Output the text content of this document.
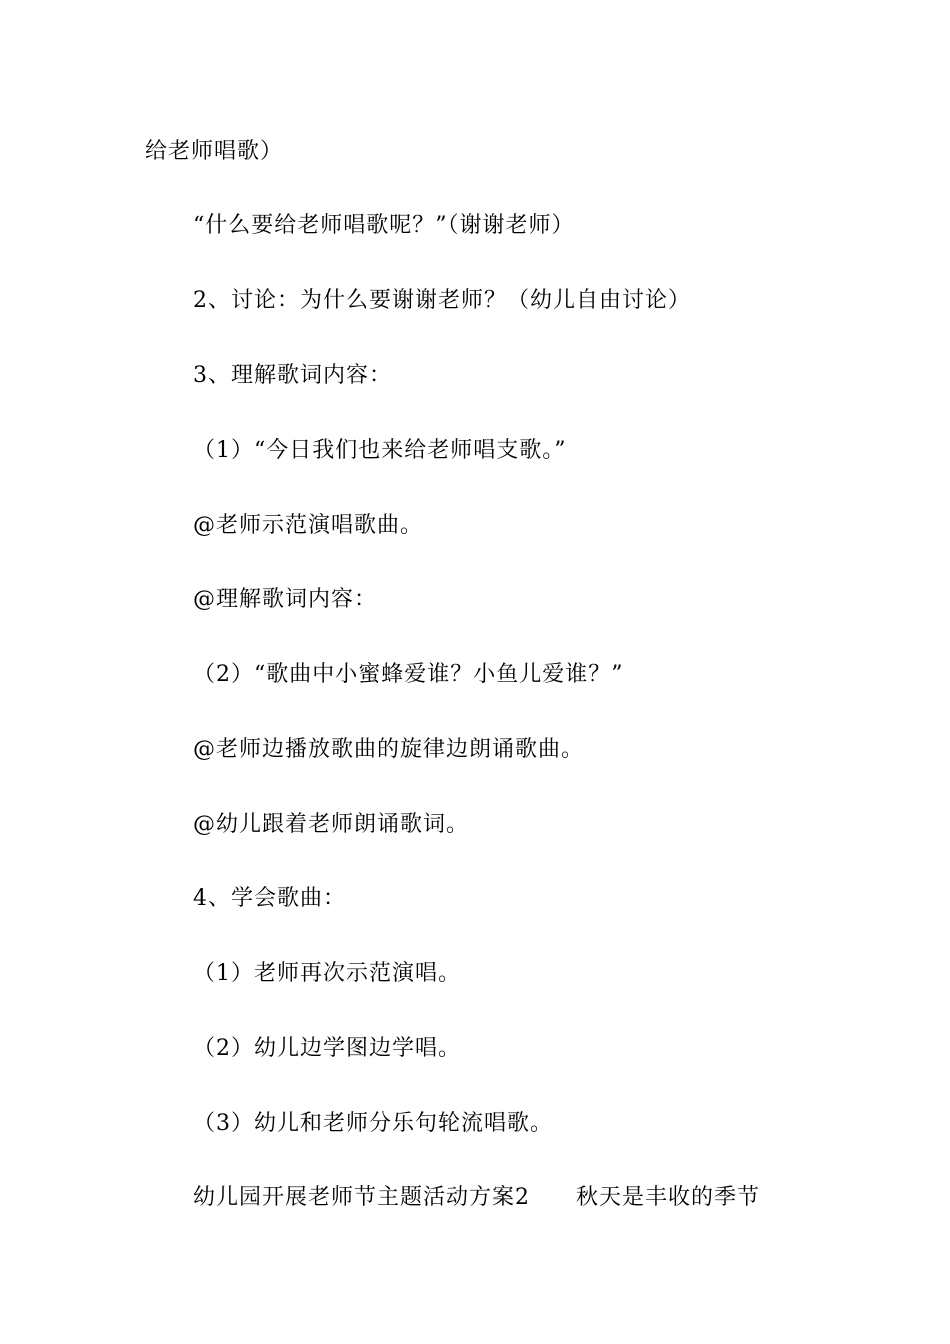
给老师唱歌）
“什么要给老师唱歌呢？”（谢谢老师）
2、讨论：为什么要谢谢老师？（幼儿自由讨论）
3、理解歌词内容：
（1）“今日我们也来给老师唱支歌。”
@老师示范演唱歌曲。
@理解歌词内容：
（2）“歌曲中小蜜蜂爱谁？小鱼儿爱谁？”
@老师边播放歌曲的旋律边朗诵歌曲。
@幼儿跟着老师朗诵歌词。
4、学会歌曲：
（1）老师再次示范演唱。
（2）幼儿边学图边学唱。
（3）幼儿和老师分乐句轮流唱歌。
幼儿园开展老师节主题活动方案2　　秋天是丰收的季节
